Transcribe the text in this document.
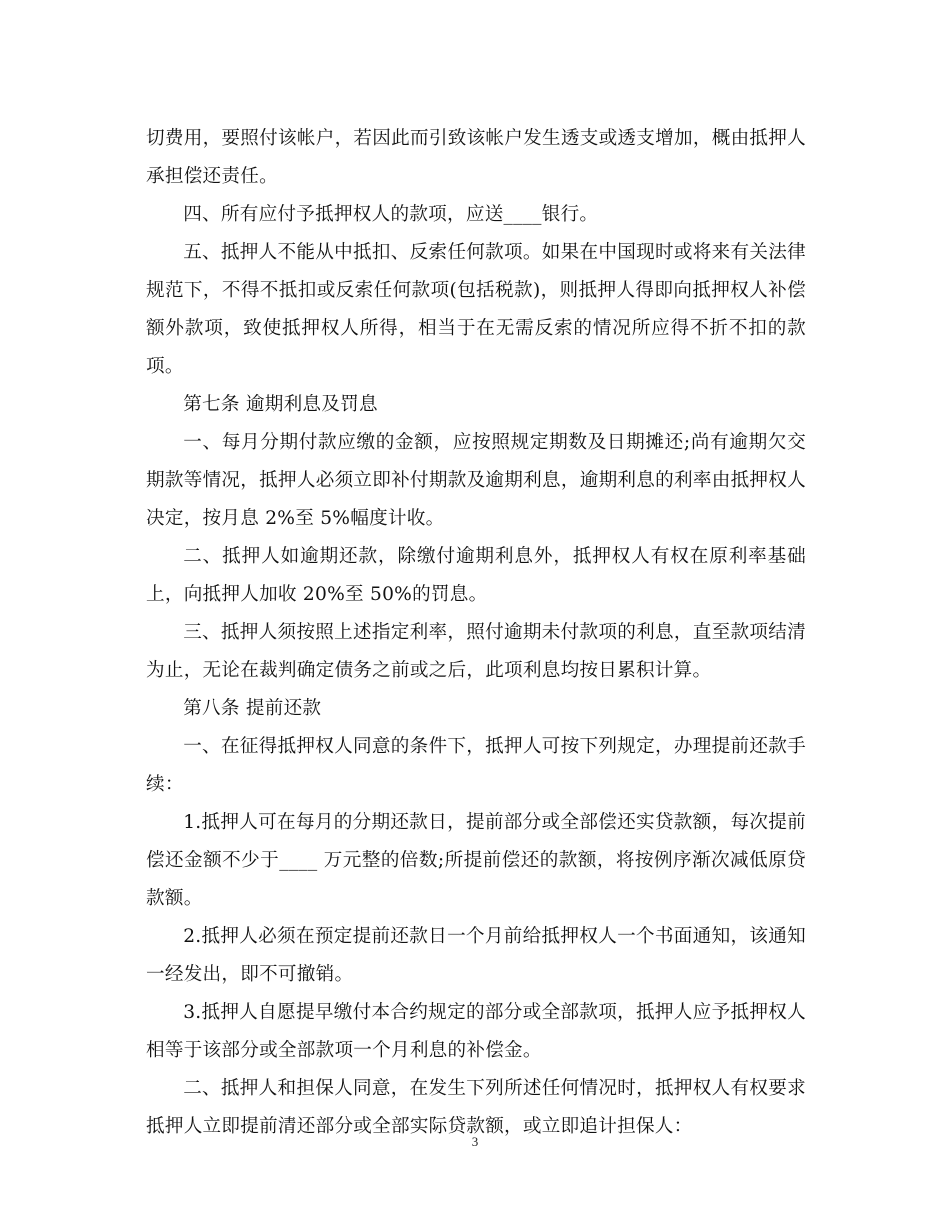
切费用，要照付该帐户，若因此而引致该帐户发生透支或透支增加，概由抵押人承担偿还责任。

四、所有应付予抵押权人的款项，应送____银行。

五、抵押人不能从中抵扣、反索任何款项。如果在中国现时或将来有关法律规范下，不得不抵扣或反索任何款项(包括税款)，则抵押人得即向抵押权人补偿额外款项，致使抵押权人所得，相当于在无需反索的情况所应得不折不扣的款项。

第七条 逾期利息及罚息

一、每月分期付款应缴的金额，应按照规定期数及日期摊还;尚有逾期欠交期款等情况，抵押人必须立即补付期款及逾期利息，逾期利息的利率由抵押权人决定，按月息 2%至 5%幅度计收。

二、抵押人如逾期还款，除缴付逾期利息外，抵押权人有权在原利率基础上，向抵押人加收 20%至 50%的罚息。

三、抵押人须按照上述指定利率，照付逾期未付款项的利息，直至款项结清为止，无论在裁判确定债务之前或之后，此项利息均按日累积计算。

第八条 提前还款

一、在征得抵押权人同意的条件下，抵押人可按下列规定，办理提前还款手续：

1.抵押人可在每月的分期还款日，提前部分或全部偿还实贷款额，每次提前偿还金额不少于____ 万元整的倍数;所提前偿还的款额，将按例序渐次减低原贷款额。

2.抵押人必须在预定提前还款日一个月前给抵押权人一个书面通知，该通知一经发出，即不可撤销。

3.抵押人自愿提早缴付本合约规定的部分或全部款项，抵押人应予抵押权人相等于该部分或全部款项一个月利息的补偿金。

二、抵押人和担保人同意，在发生下列所述任何情况时，抵押权人有权要求抵押人立即提前清还部分或全部实际贷款额，或立即追计担保人：

3
